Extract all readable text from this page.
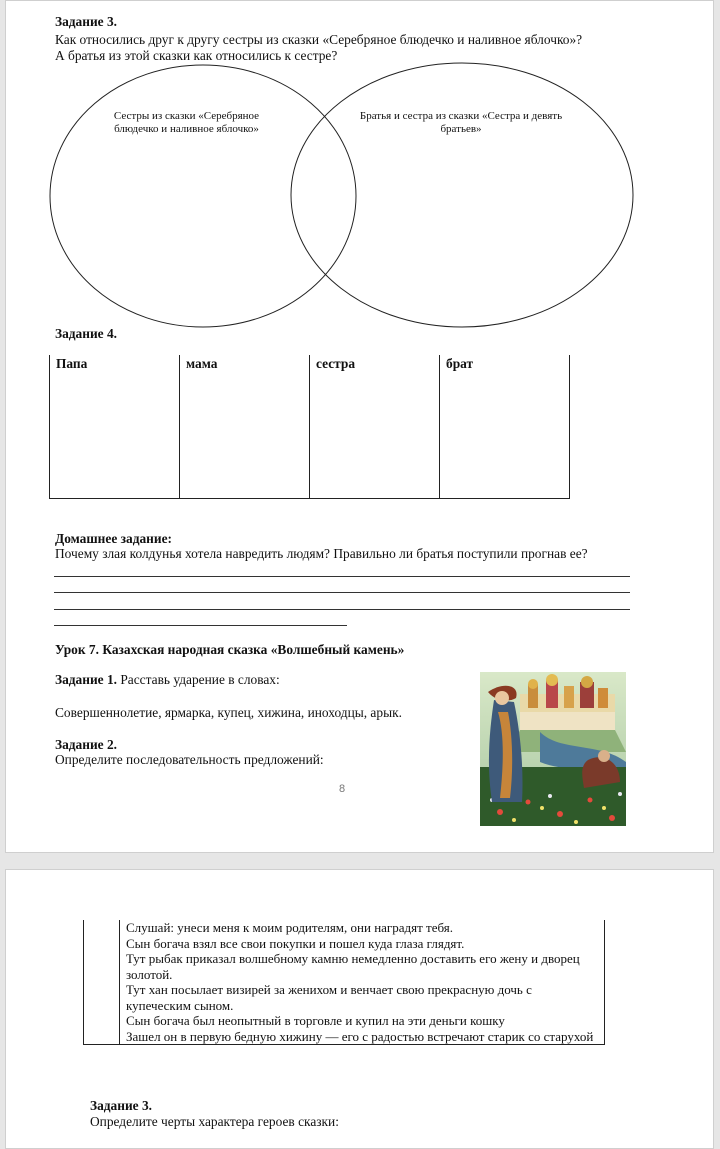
Задание 3.
Как относились друг к другу сестры из сказки «Серебряное блюдечко и наливное яблочко»?
А братья из этой сказки как относились к сестре?
Сестры из сказки «Серебряное
блюдечко и наливное яблочко»
Братья и сестра из сказки «Сестра и девять
братьев»
Задание 4.
Папа	мама	сестра	брат
Домашнее задание:
Почему злая колдунья хотела навредить людям? Правильно ли братья поступили прогнав ее?
Урок 7. Казахская народная сказка «Волшебный камень»
Задание 1. Расставь ударение в словах:
Совершеннолетие, ярмарка, купец, хижина, иноходцы, арык.
Задание 2.
Определите последовательность предложений:
8
	Слушай: унеси меня к моим родителям, они наградят тебя.
	Сын богача взял все свои покупки и пошел куда глаза глядят.
	Тут рыбак приказал волшебному камню немедленно доставить его жену и дворец золотой.
	Тут хан посылает визирей за женихом и венчает свою прекрасную дочь с купеческим сыном.
	Сын богача был неопытный в торговле и купил на эти деньги кошку
	Зашел он в первую бедную хижину — его с радостью встречают старик со старухой
Задание 3.
Определите черты характера героев сказки:
